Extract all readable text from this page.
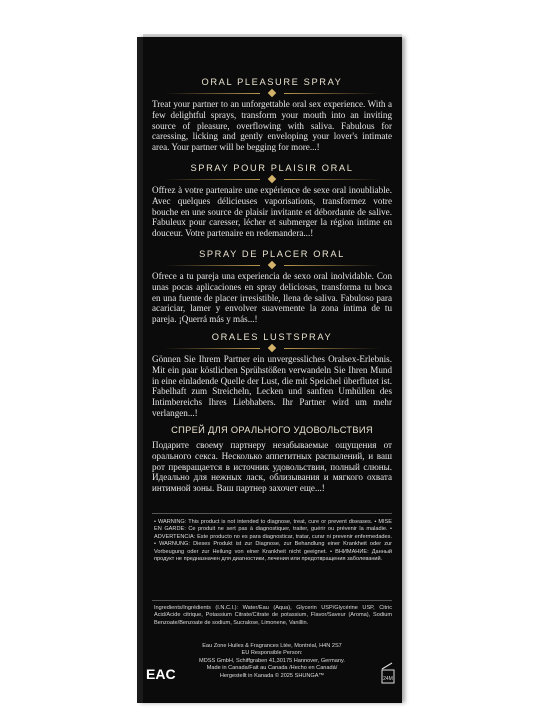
ORAL PLEASURE SPRAY

Treat your partner to an unforgettable oral sex experience. With a few delightful sprays, transform your mouth into an inviting source of pleasure, overflowing with saliva. Fabulous for caressing, licking and gently enveloping your lover's intimate area. Your partner will be begging for more...!

SPRAY POUR PLAISIR ORAL

Offrez à votre partenaire une expérience de sexe oral inoubliable. Avec quelques délicieuses vaporisations, transformez votre bouche en une source de plaisir invitante et débordante de salive. Fabuleux pour caresser, lécher et submerger la région intime en douceur. Votre partenaire en redemandera...!

SPRAY DE PLACER ORAL

Ofrece a tu pareja una experiencia de sexo oral inolvidable. Con unas pocas aplicaciones en spray deliciosas, transforma tu boca en una fuente de placer irresistible, llena de saliva. Fabuloso para acariciar, lamer y envolver suavemente la zona íntima de tu pareja. ¡Querrá más y más...!

ORALES LUSTSPRAY

Gönnen Sie Ihrem Partner ein unvergessliches Oralsex-Erlebnis. Mit ein paar köstlichen Sprühstößen verwandeln Sie Ihren Mund in eine einladende Quelle der Lust, die mit Speichel überflutet ist. Fabelhaft zum Streicheln, Lecken und sanften Umhüllen des Intimbereichs Ihres Liebhabers. Ihr Partner wird um mehr verlangen...!

СПРЕЙ ДЛЯ ОРАЛЬНОГО УДОВОЛЬСТВИЯ

Подарите своему партнеру незабываемые ощущения от орального секса. Несколько аппетитных распылений, и ваш рот превращается в источник удовольствия, полный слюны. Идеально для нежных ласк, облизывания и мягкого охвата интимной зоны. Ваш партнер захочет еще...!

• WARNING: This product is not intended to diagnose, treat, cure or prevent diseases. • MISE EN GARDE: Ce produit ne sert pas à diagnostiquer, traiter, guérir ou prévenir la maladie. • ADVERTENCIA: Este producto no es para diagnosticar, tratar, curar ni prevenir enfermedades. • WARNUNG: Dieses Produkt ist zur Diagnose, zur Behandlung einer Krankheit oder zur Vorbeugung oder zur Heilung von einer Krankheit nicht geeignet. • ВНИМАНИЕ: Данный продукт не предназначен для диагностики, лечения или предотвращения заболеваний.
Ingredients/Ingrédients (I.N.C.I.): Water/Eau (Aqua), Glycerin USP/Glycérine USP, Citric Acid/Acide citrique, Potassium Citrate/Citrate de potassium, Flavor/Saveur (Aroma), Sodium Benzoate/Benzoate de sodium, Sucralose, Limonene, Vanillin.
Eau Zone Huiles & Fragrances Ltée, Montréal, H4N 2S7
EU Responsible Person:
MDSS GmbH, Schiffgraben 41,30175 Hannover, Germany.
Made in Canada/Fait au Canada /Hecho en Canadá/
Hergestellt in Kanada © 2025 SHUNGA™
EAC	24M
